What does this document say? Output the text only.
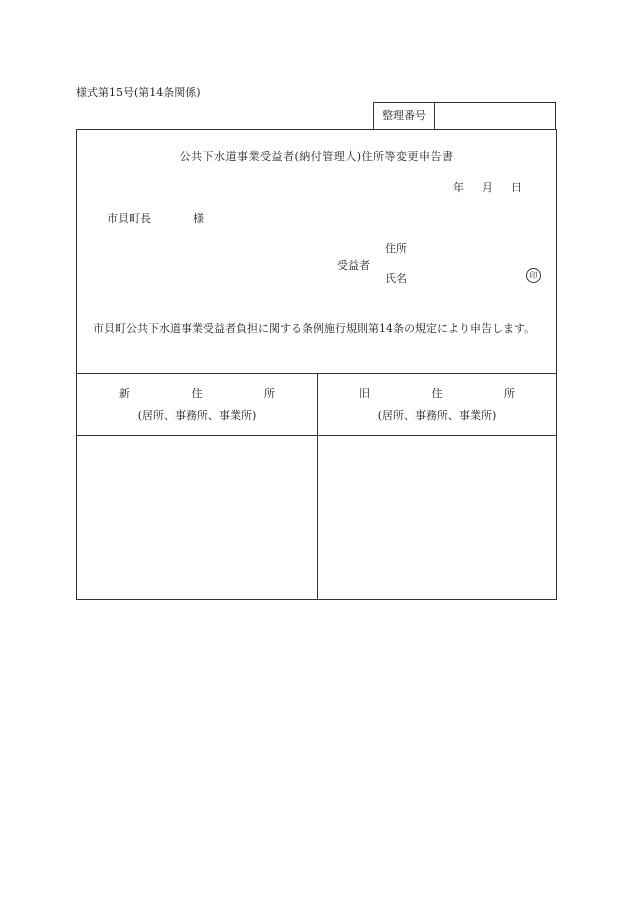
様式第15号(第14条関係)
整理番号
公共下水道事業受益者(納付管理人)住所等変更申告書
年 月 日
市貝町長	様
受益者
住所
氏名	印
市貝町公共下水道事業受益者負担に関する条例施行規則第14条の規定により申告します。
新	住	所
(居所、事務所、事業所)
旧	住	所
(居所、事務所、事業所)
